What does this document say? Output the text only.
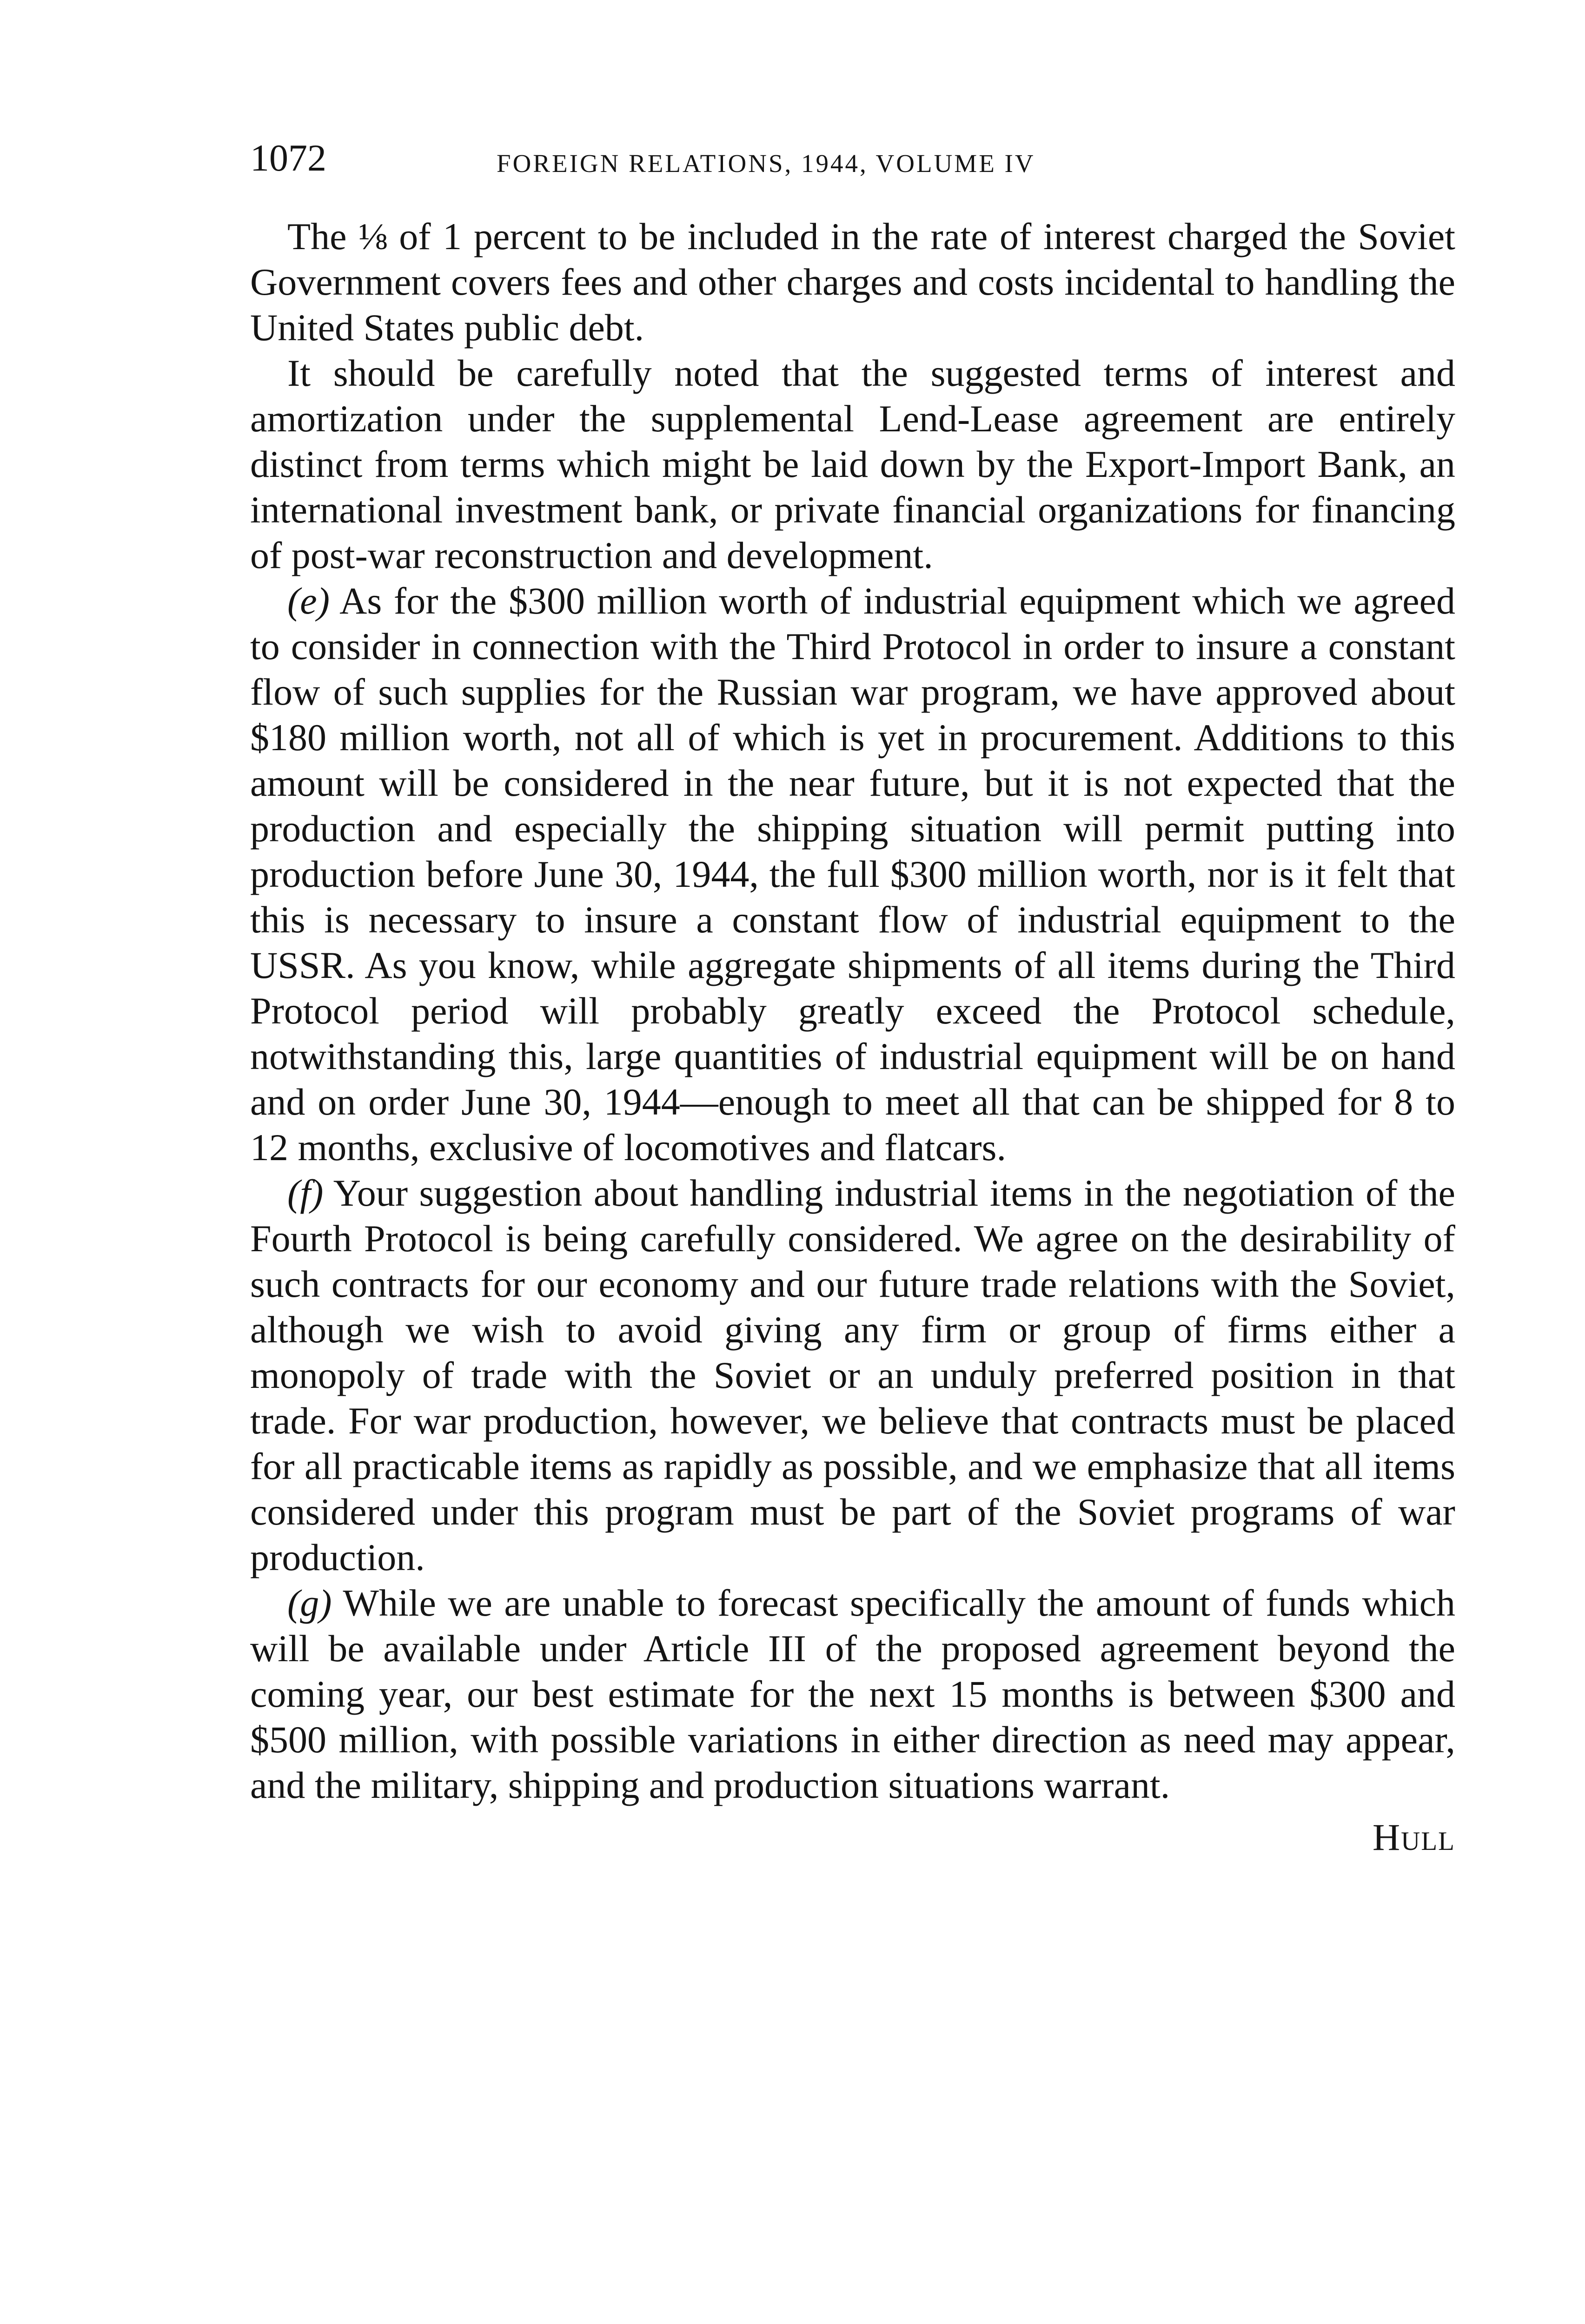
1072	FOREIGN RELATIONS, 1944, VOLUME IV

The ⅛ of 1 percent to be included in the rate of interest charged the Soviet Government covers fees and other charges and costs incidental to handling the United States public debt.

It should be carefully noted that the suggested terms of interest and amortization under the supplemental Lend-Lease agreement are entirely distinct from terms which might be laid down by the Export-Import Bank, an international investment bank, or private financial organizations for financing of post-war reconstruction and development.

(e) As for the $300 million worth of industrial equipment which we agreed to consider in connection with the Third Protocol in order to insure a constant flow of such supplies for the Russian war program, we have approved about $180 million worth, not all of which is yet in procurement. Additions to this amount will be considered in the near future, but it is not expected that the production and especially the shipping situation will permit putting into production before June 30, 1944, the full $300 million worth, nor is it felt that this is necessary to insure a constant flow of industrial equipment to the USSR. As you know, while aggregate shipments of all items during the Third Protocol period will probably greatly exceed the Protocol schedule, notwithstanding this, large quantities of industrial equipment will be on hand and on order June 30, 1944—enough to meet all that can be shipped for 8 to 12 months, exclusive of locomotives and flatcars.

(f) Your suggestion about handling industrial items in the negotiation of the Fourth Protocol is being carefully considered. We agree on the desirability of such contracts for our economy and our future trade relations with the Soviet, although we wish to avoid giving any firm or group of firms either a monopoly of trade with the Soviet or an unduly preferred position in that trade. For war production, however, we believe that contracts must be placed for all practicable items as rapidly as possible, and we emphasize that all items considered under this program must be part of the Soviet programs of war production.

(g) While we are unable to forecast specifically the amount of funds which will be available under Article III of the proposed agreement beyond the coming year, our best estimate for the next 15 months is between $300 and $500 million, with possible variations in either direction as need may appear, and the military, shipping and production situations warrant.

Hull
